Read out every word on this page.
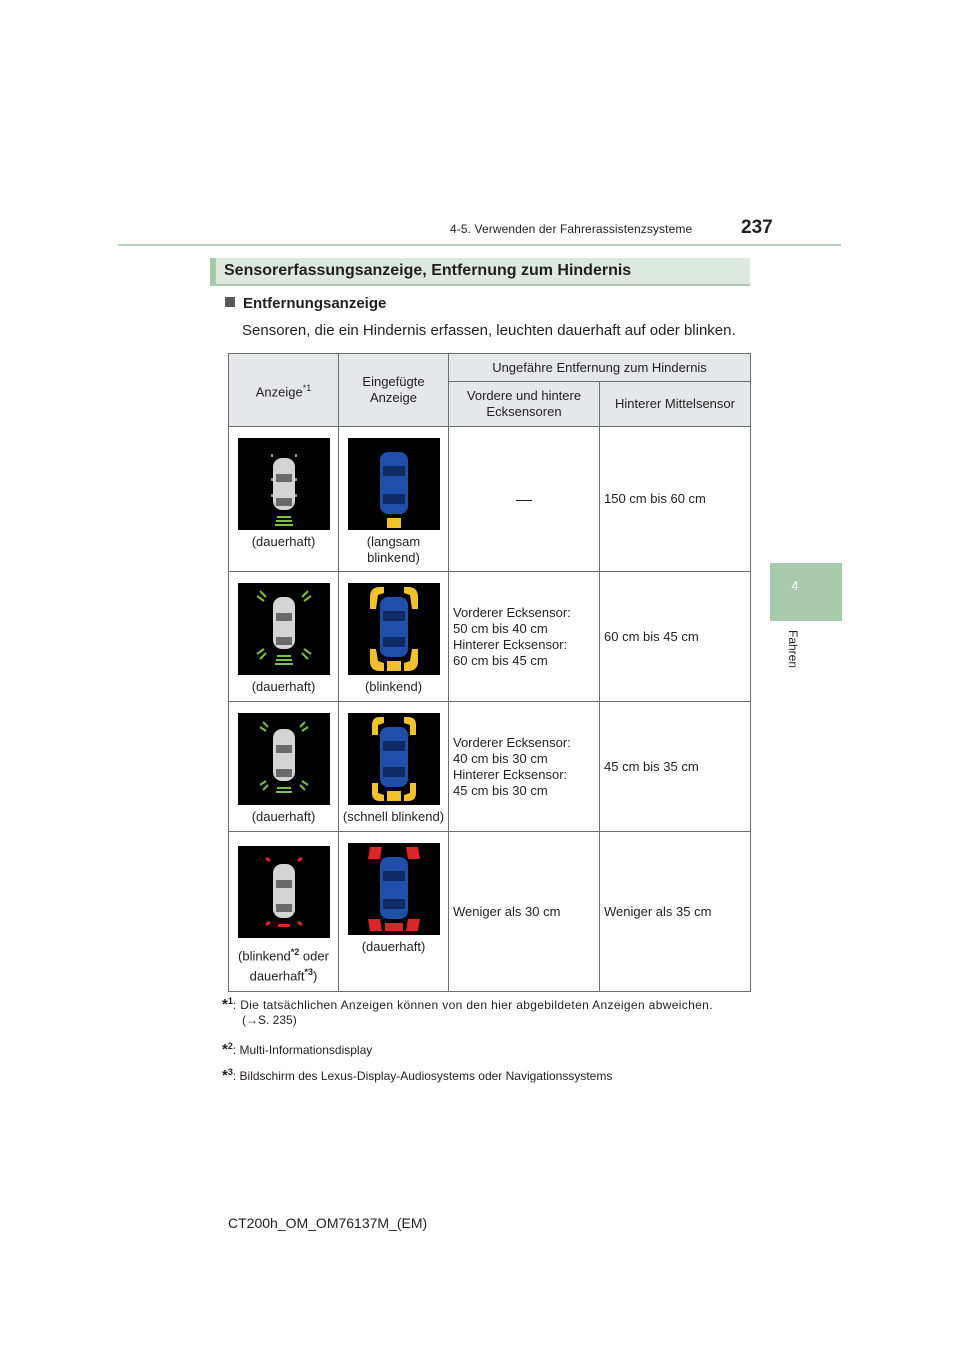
4-5. Verwenden der Fahrerassistenzsysteme	237
4
Fahren
Sensorerfassungsanzeige, Entfernung zum Hindernis
Entfernungsanzeige
Sensoren, die ein Hindernis erfassen, leuchten dauerhaft auf oder blinken.
Anzeige$^{*1}$	Eingefügte Anzeige	Ungefähre Entfernung zum Hindernis	
		Vordere und hintere Ecksensoren	Hinterer Mittelsensor

(dauerhaft)	(langsam blinkend)		150 cm bis 60 cm

(dauerhaft)	(blinkend)	Vorderer Ecksensor:
50 cm bis 40 cm
Hinterer Ecksensor:
60 cm bis 45 cm	60 cm bis 45 cm

(dauerhaft)	(schnell blinkend)	Vorderer Ecksensor:
40 cm bis 30 cm
Hinterer Ecksensor:
45 cm bis 30 cm	45 cm bis 35 cm

(blinkend$^{*2}$ oder
dauerhaft$^{*3}$)	(dauerhaft)	Weniger als 30 cm	Weniger als 35 cm
*$^1$: Die tatsächlichen Anzeigen können von den hier abgebildeten Anzeigen abweichen.
(→S. 235)
*$^2$: Multi-Informationsdisplay
*$^3$: Bildschirm des Lexus-Display-Audiosystems oder Navigationssystems
CT200h_OM_OM76137M_(EM)
